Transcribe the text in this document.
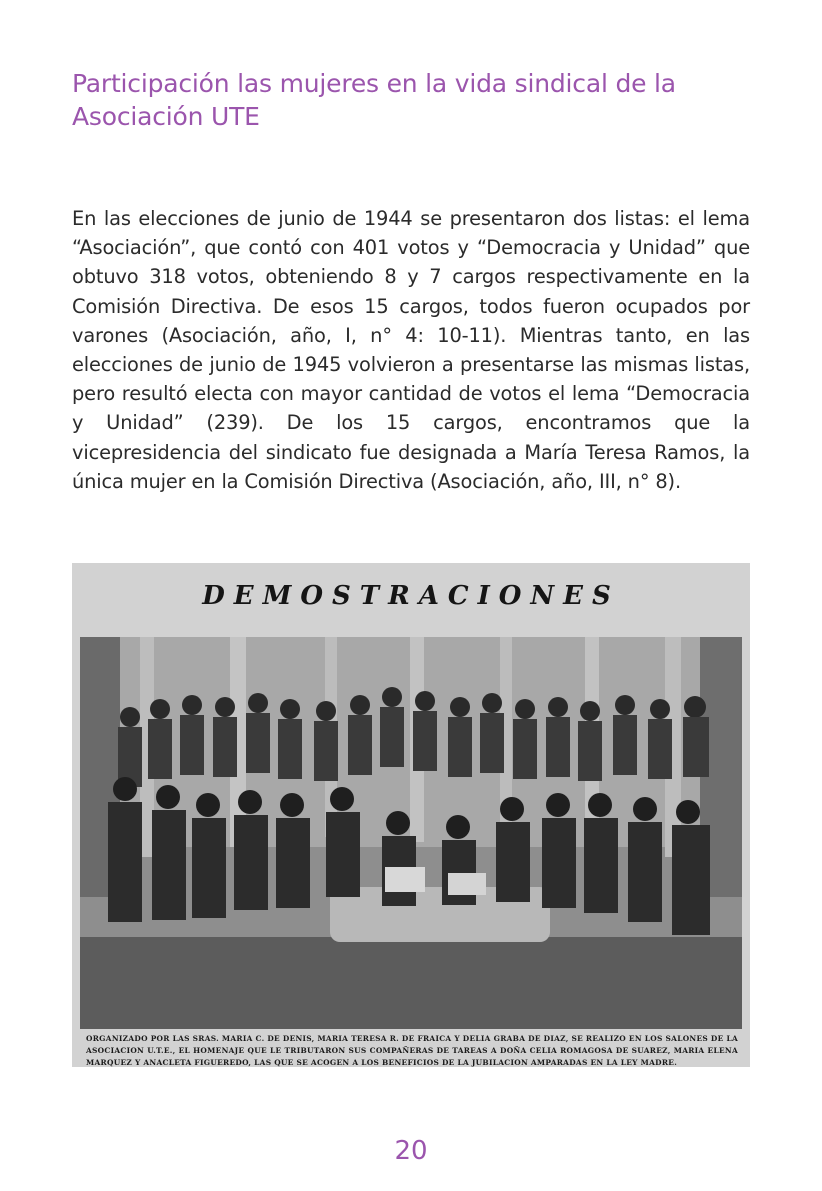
Participación las mujeres en la vida sindical de la Asociación UTE

En las elecciones de junio de 1944 se presentaron dos listas: el lema “Asociación”, que contó con 401 votos y “Democracia y Unidad” que obtuvo 318 votos, obteniendo 8 y 7 cargos respectivamente en la Comisión Directiva. De esos 15 cargos, todos fueron ocupados por varones (Asociación, año, I, n° 4: 10-11). Mientras tanto, en las elecciones de junio de 1945 volvieron a presentarse las mismas listas, pero resultó electa con mayor cantidad de votos el lema “Democracia y Unidad” (239). De los 15 cargos, encontramos que la vicepresidencia del sindicato fue designada a María Teresa Ramos, la única mujer en la Comisión Directiva (Asociación, año, III, n° 8).

DEMOSTRACIONES
ORGANIZADO POR LAS SRAS. MARIA C. DE DENIS, MARIA TERESA R. DE FRAICA Y DELIA GRABA DE DIAZ, SE REALIZO EN LOS SALONES DE LA ASOCIACION U.T.E., EL HOMENAJE QUE LE TRIBUTARON SUS COMPAÑERAS DE TAREAS A DOÑA CELIA ROMAGOSA DE SUAREZ, MARIA ELENA MARQUEZ Y ANACLETA FIGUEREDO, LAS QUE SE ACOGEN A LOS BENEFICIOS DE LA JUBILACION AMPARADAS EN LA LEY MADRE.
20
